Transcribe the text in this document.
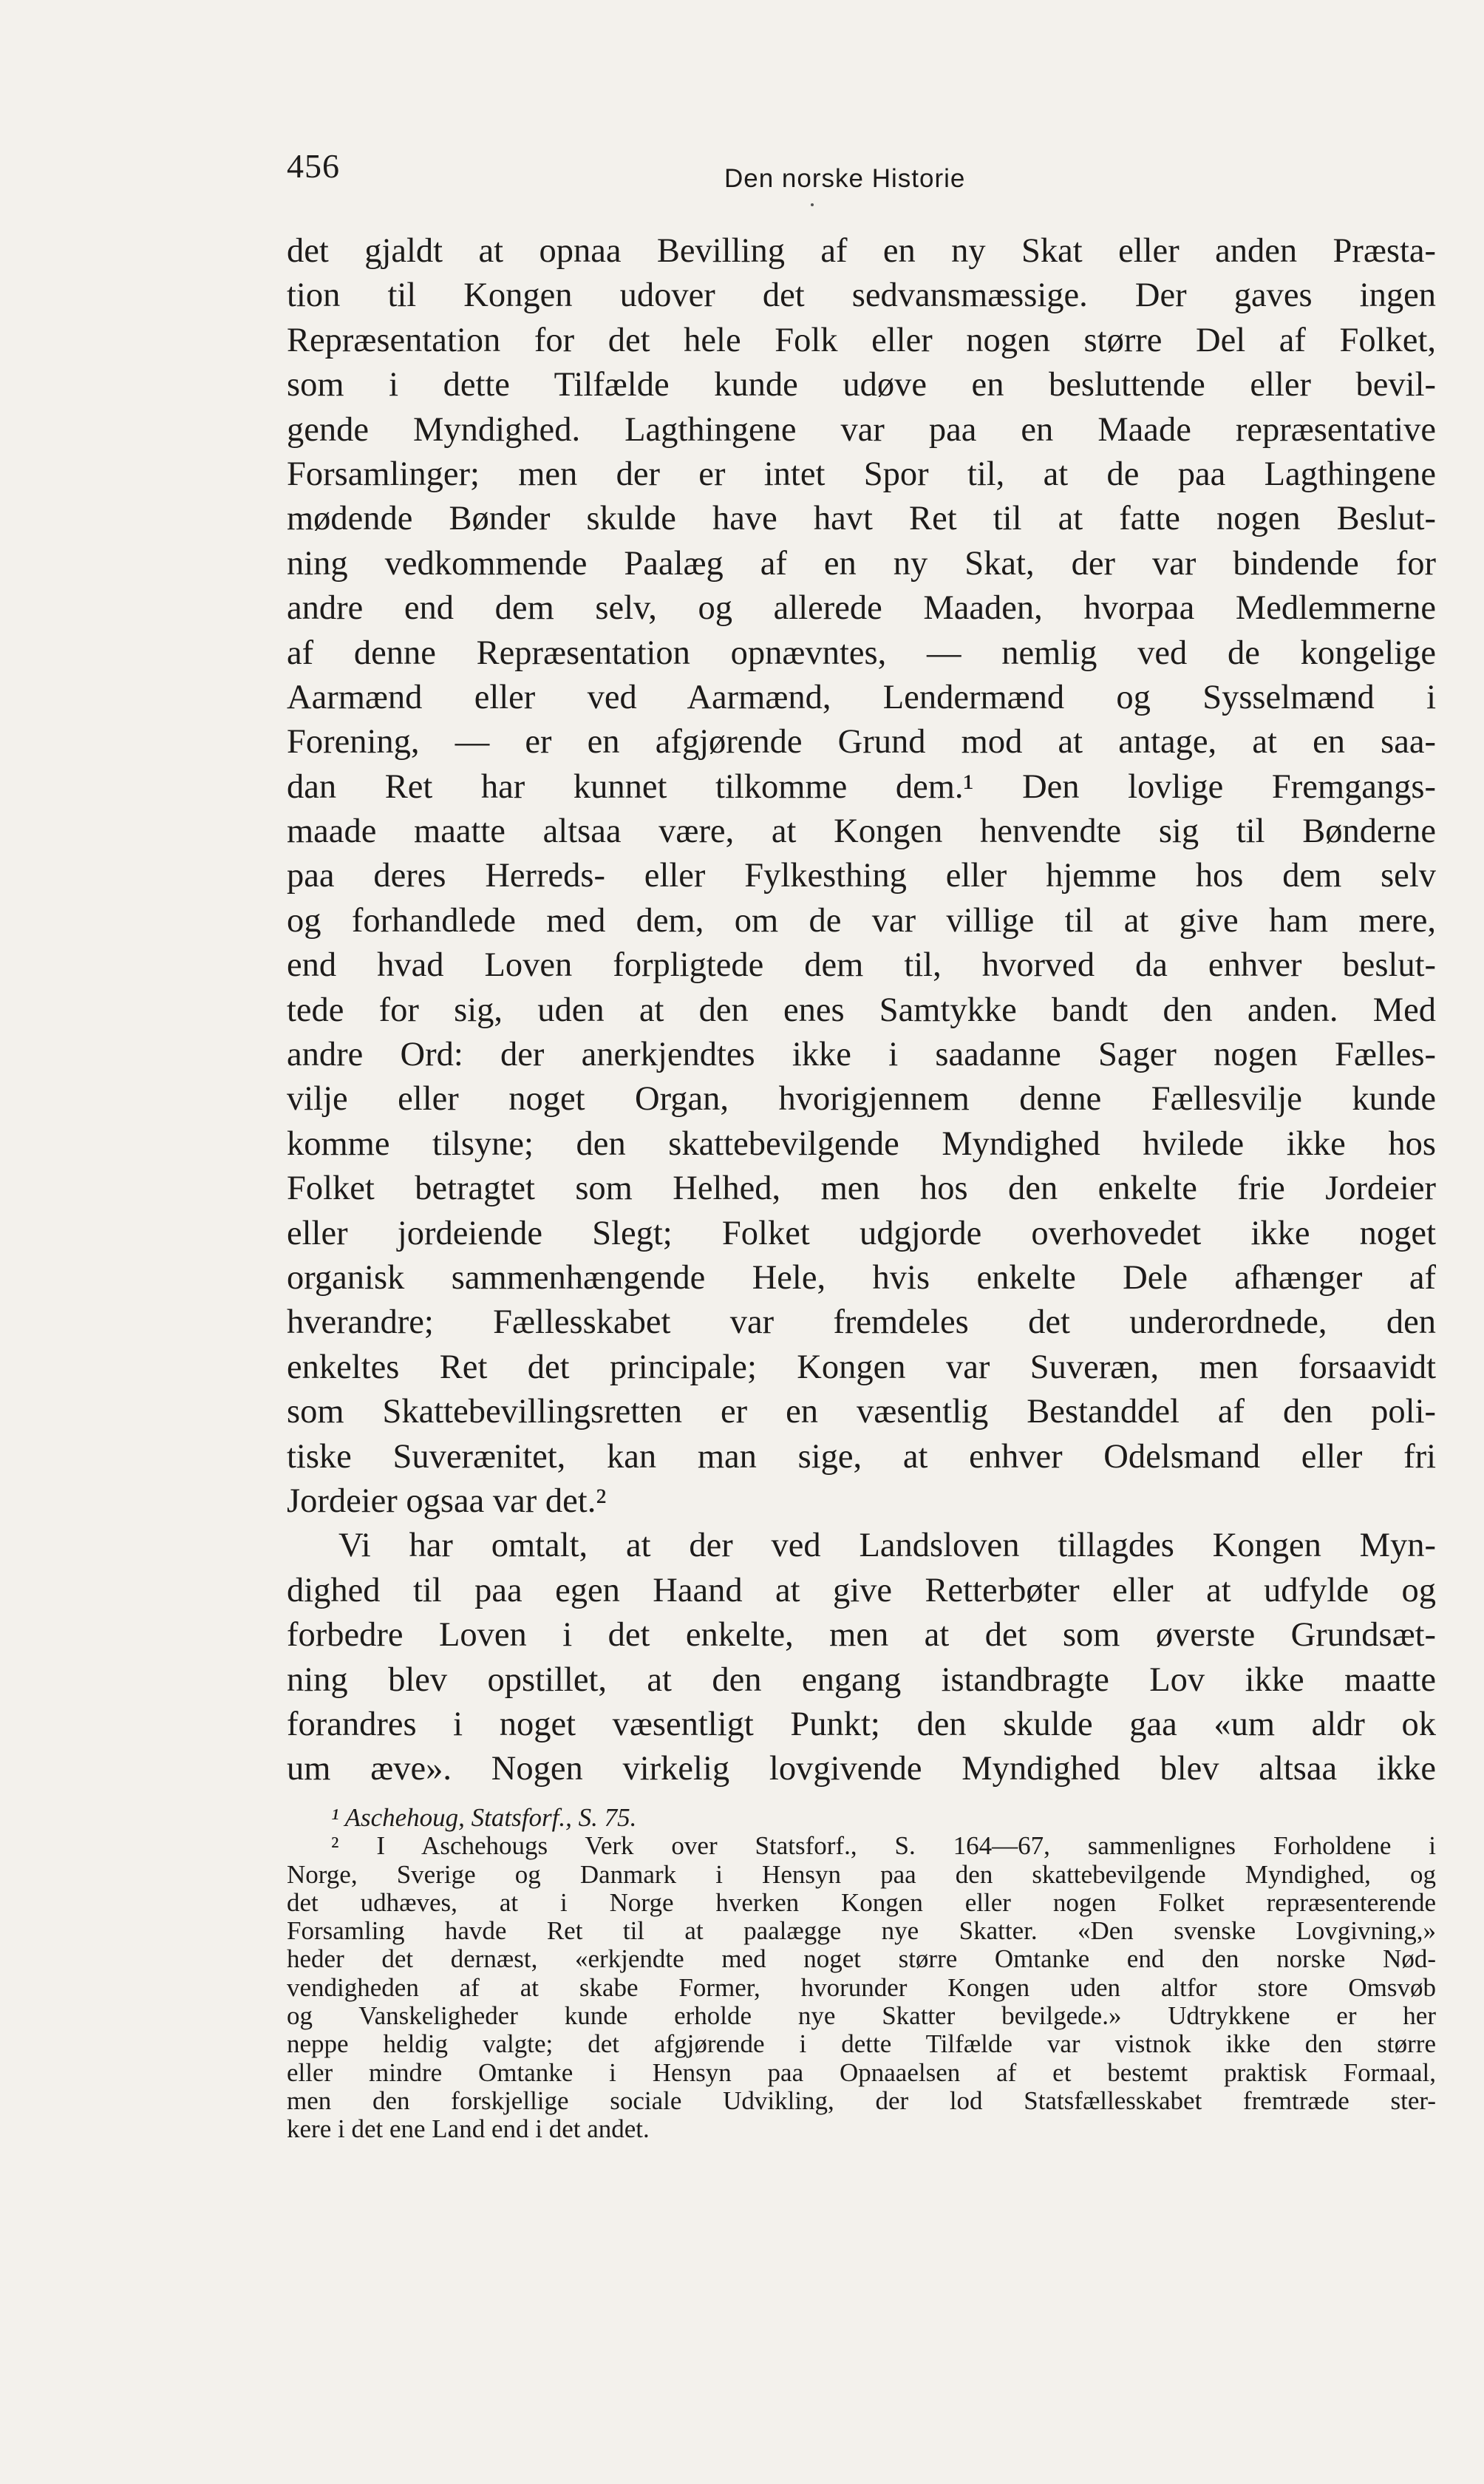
456	Den norske Historie
det gjaldt at opnaa Bevilling af en ny Skat eller anden Præsta-
tion til Kongen udover det sedvansmæssige. Der gaves ingen
Repræsentation for det hele Folk eller nogen større Del af Folket,
som i dette Tilfælde kunde udøve en besluttende eller bevil-
gende Myndighed. Lagthingene var paa en Maade repræsentative
Forsamlinger; men der er intet Spor til, at de paa Lagthingene
mødende Bønder skulde have havt Ret til at fatte nogen Beslut-
ning vedkommende Paalæg af en ny Skat, der var bindende for
andre end dem selv, og allerede Maaden, hvorpaa Medlemmerne
af denne Repræsentation opnævntes, — nemlig ved de kongelige
Aarmænd eller ved Aarmænd, Lendermænd og Sysselmænd i
Forening, — er en afgjørende Grund mod at antage, at en saa-
dan Ret har kunnet tilkomme dem.¹ Den lovlige Fremgangs-
maade maatte altsaa være, at Kongen henvendte sig til Bønderne
paa deres Herreds- eller Fylkesthing eller hjemme hos dem selv
og forhandlede med dem, om de var villige til at give ham mere,
end hvad Loven forpligtede dem til, hvorved da enhver beslut-
tede for sig, uden at den enes Samtykke bandt den anden. Med
andre Ord: der anerkjendtes ikke i saadanne Sager nogen Fælles-
vilje eller noget Organ, hvorigjennem denne Fællesvilje kunde
komme tilsyne; den skattebevilgende Myndighed hvilede ikke hos
Folket betragtet som Helhed, men hos den enkelte frie Jordeier
eller jordeiende Slegt; Folket udgjorde overhovedet ikke noget
organisk sammenhængende Hele, hvis enkelte Dele afhænger af
hverandre; Fællesskabet var fremdeles det underordnede, den
enkeltes Ret det principale; Kongen var Suveræn, men forsaavidt
som Skattebevillingsretten er en væsentlig Bestanddel af den poli-
tiske Suverænitet, kan man sige, at enhver Odelsmand eller fri
Jordeier ogsaa var det.²
Vi har omtalt, at der ved Landsloven tillagdes Kongen Myn-
dighed til paa egen Haand at give Retterbøter eller at udfylde og
forbedre Loven i det enkelte, men at det som øverste Grundsæt-
ning blev opstillet, at den engang istandbragte Lov ikke maatte
forandres i noget væsentligt Punkt; den skulde gaa «um aldr ok
um æve». Nogen virkelig lovgivende Myndighed blev altsaa ikke
¹ Aschehoug, Statsforf., S. 75.
² I Aschehougs Verk over Statsforf., S. 164—67, sammenlignes Forholdene i
Norge, Sverige og Danmark i Hensyn paa den skattebevilgende Myndighed, og
det udhæves, at i Norge hverken Kongen eller nogen Folket repræsenterende
Forsamling havde Ret til at paalægge nye Skatter. «Den svenske Lovgivning,»
heder det dernæst, «erkjendte med noget større Omtanke end den norske Nød-
vendigheden af at skabe Former, hvorunder Kongen uden altfor store Omsvøb
og Vanskeligheder kunde erholde nye Skatter bevilgede.» Udtrykkene er her
neppe heldig valgte; det afgjørende i dette Tilfælde var vistnok ikke den større
eller mindre Omtanke i Hensyn paa Opnaaelsen af et bestemt praktisk Formaal,
men den forskjellige sociale Udvikling, der lod Statsfællesskabet fremtræde ster-
kere i det ene Land end i det andet.
